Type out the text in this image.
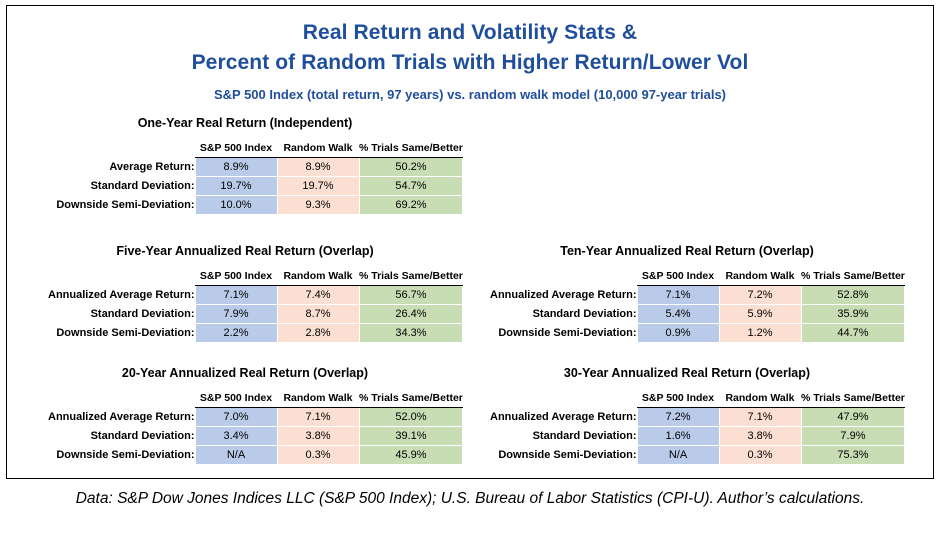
Real Return and Volatility Stats &
Percent of Random Trials with Higher Return/Lower Vol
S&P 500 Index (total return, 97 years) vs. random walk model (10,000 97-year trials)
One-Year Real Return (Independent)
	S&P 500 Index	Random Walk	% Trials Same/Better
Average Return:	8.9%	8.9%	50.2%
Standard Deviation:	19.7%	19.7%	54.7%
Downside Semi-Deviation:	10.0%	9.3%	69.2%
Five-Year Annualized Real Return (Overlap)
	S&P 500 Index	Random Walk	% Trials Same/Better
Annualized Average Return:	7.1%	7.4%	56.7%
Standard Deviation:	7.9%	8.7%	26.4%
Downside Semi-Deviation:	2.2%	2.8%	34.3%
Ten-Year Annualized Real Return (Overlap)
	S&P 500 Index	Random Walk	% Trials Same/Better
Annualized Average Return:	7.1%	7.2%	52.8%
Standard Deviation:	5.4%	5.9%	35.9%
Downside Semi-Deviation:	0.9%	1.2%	44.7%
20-Year Annualized Real Return (Overlap)
	S&P 500 Index	Random Walk	% Trials Same/Better
Annualized Average Return:	7.0%	7.1%	52.0%
Standard Deviation:	3.4%	3.8%	39.1%
Downside Semi-Deviation:	N/A	0.3%	45.9%
30-Year Annualized Real Return (Overlap)
	S&P 500 Index	Random Walk	% Trials Same/Better
Annualized Average Return:	7.2%	7.1%	47.9%
Standard Deviation:	1.6%	3.8%	7.9%
Downside Semi-Deviation:	N/A	0.3%	75.3%
Data: S&P Dow Jones Indices LLC (S&P 500 Index); U.S. Bureau of Labor Statistics (CPI-U). Author’s calculations.
